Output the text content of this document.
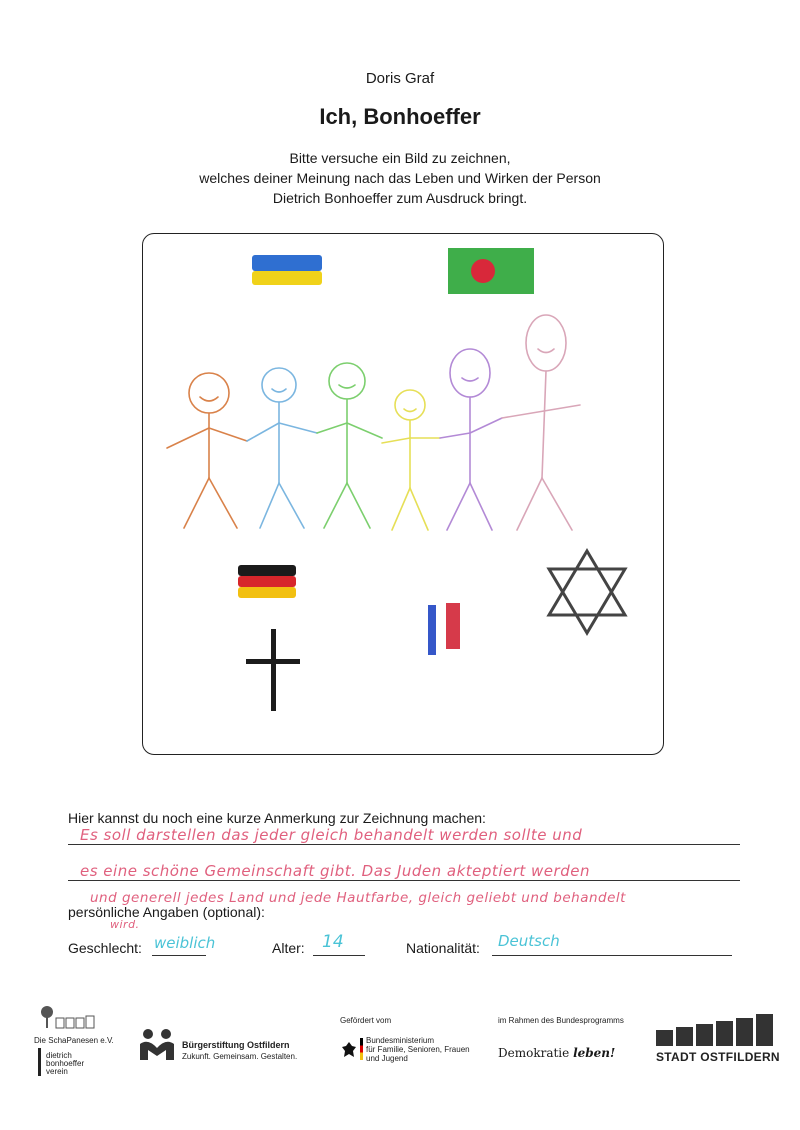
Doris Graf
Ich, Bonhoeffer
Bitte versuche ein Bild zu zeichnen,
welches deiner Meinung nach das Leben und Wirken der Person
Dietrich Bonhoeffer zum Ausdruck bringt.
Hier kannst du noch eine kurze Anmerkung zur Zeichnung machen:
Es soll darstellen das jeder gleich behandelt werden sollte und
es eine schöne Gemeinschaft gibt. Das Juden akteptiert werden
und generell jedes Land und jede Hautfarbe, gleich geliebt und behandelt
wird.
persönliche Angaben (optional):
Geschlecht: weiblich	Alter: 14	Nationalität: Deutsch
Die SchaPanesen e.V.
dietrich
bonhoeffer
verein
Bürgerstiftung Ostfildern
Zukunft. Gemeinsam. Gestalten.
Gefördert vom
Bundesministerium
für Familie, Senioren, Frauen
und Jugend
im Rahmen des Bundesprogramms
Demokratie leben!	STADT OSTFILDERN
